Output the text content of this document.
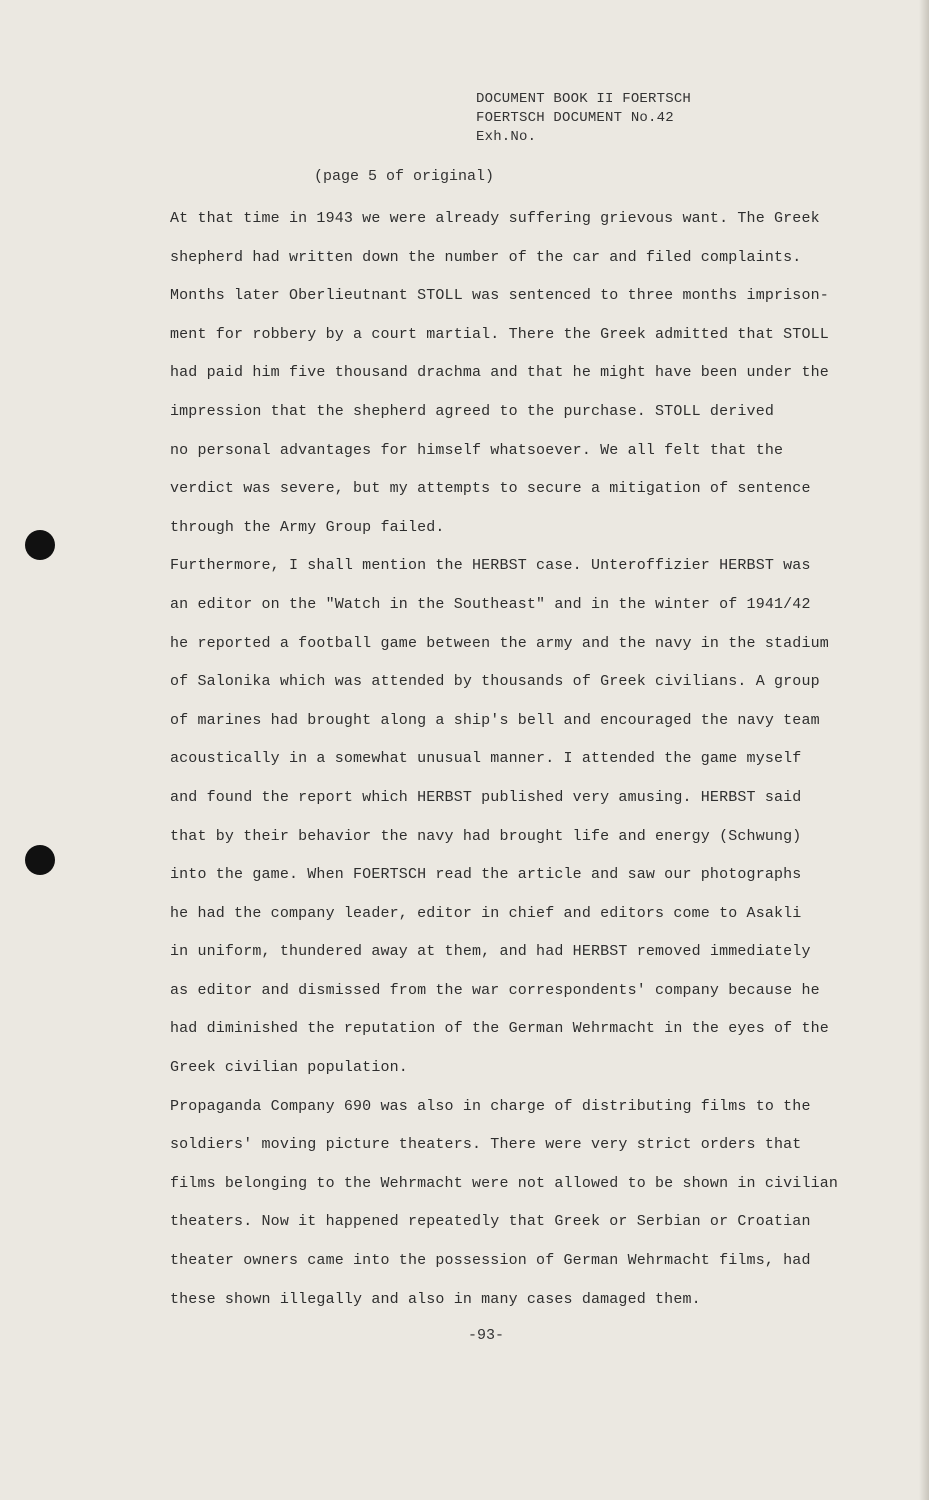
DOCUMENT BOOK II FOERTSCH
FOERTSCH DOCUMENT No.42
Exh.No.
(page 5 of original)
At that time in 1943 we were already suffering grievous want. The Greek
shepherd had written down the number of the car and filed complaints.
Months later Oberlieutnant STOLL was sentenced to three months imprison-
ment for robbery by a court martial. There the Greek admitted that STOLL
had paid him five thousand drachma and that he might have been under the
impression that the shepherd agreed to the purchase. STOLL derived
no personal advantages for himself whatsoever. We all felt that the
verdict was severe, but my attempts to secure a mitigation of sentence
through the Army Group failed.
Furthermore, I shall mention the HERBST case. Unteroffizier HERBST was
an editor on the "Watch in the Southeast" and in the winter of 1941/42
he reported a football game between the army and the navy in the stadium
of Salonika which was attended by thousands of Greek civilians. A group
of marines had brought along a ship's bell and encouraged the navy team
acoustically in a somewhat unusual manner. I attended the game myself
and found the report which HERBST published very amusing. HERBST said
that by their behavior the navy had brought life and energy (Schwung)
into the game. When FOERTSCH read the article and saw our photographs
he had the company leader, editor in chief and editors come to Asakli
in uniform, thundered away at them, and had HERBST removed immediately
as editor and dismissed from the war correspondents' company because he
had diminished the reputation of the German Wehrmacht in the eyes of the
Greek civilian population.
Propaganda Company 690 was also in charge of distributing films to the
soldiers' moving picture theaters. There were very strict orders that
films belonging to the Wehrmacht were not allowed to be shown in civilian
theaters. Now it happened repeatedly that Greek or Serbian or Croatian
theater owners came into the possession of German Wehrmacht films, had
these shown illegally and also in many cases damaged them.
-93-
